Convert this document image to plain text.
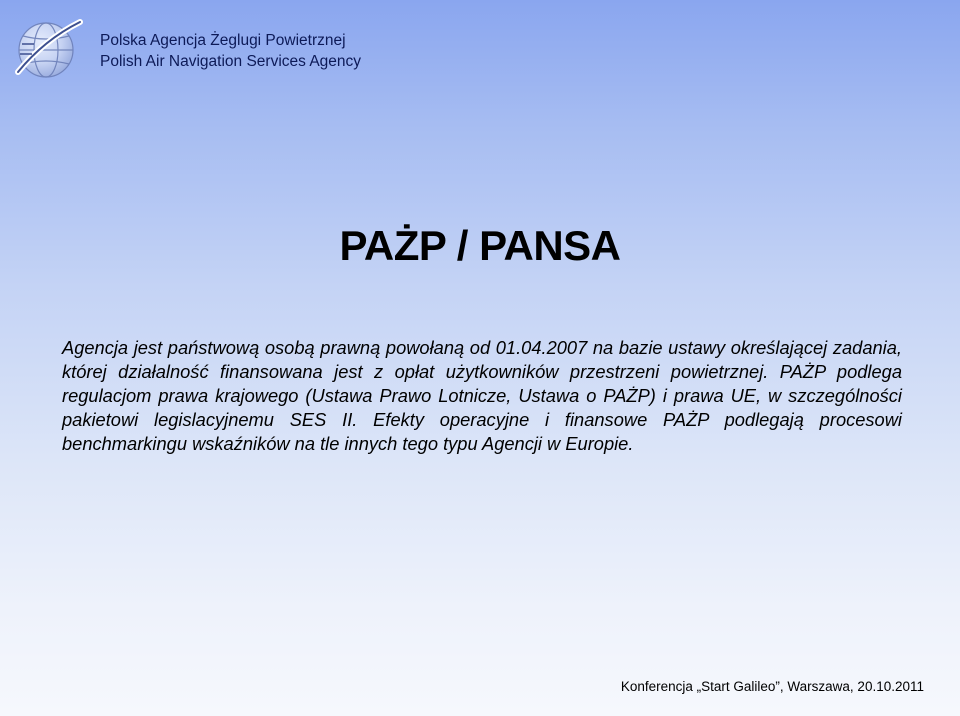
Polska Agencja Żeglugi Powietrznej
Polish Air Navigation Services Agency
PAŻP / PANSA

Agencja jest państwową osobą prawną powołaną od 01.04.2007 na bazie ustawy określającej zadania, której działalność finansowana jest z opłat użytkowników przestrzeni powietrznej. PAŻP podlega regulacjom prawa krajowego (Ustawa Prawo Lotnicze, Ustawa o PAŻP) i prawa UE, w szczególności pakietowi legislacyjnemu SES II. Efekty operacyjne i finansowe PAŻP podlegają procesowi benchmarkingu wskaźników na tle innych tego typu Agencji w Europie.

Konferencja „Start Galileo”, Warszawa, 20.10.2011
